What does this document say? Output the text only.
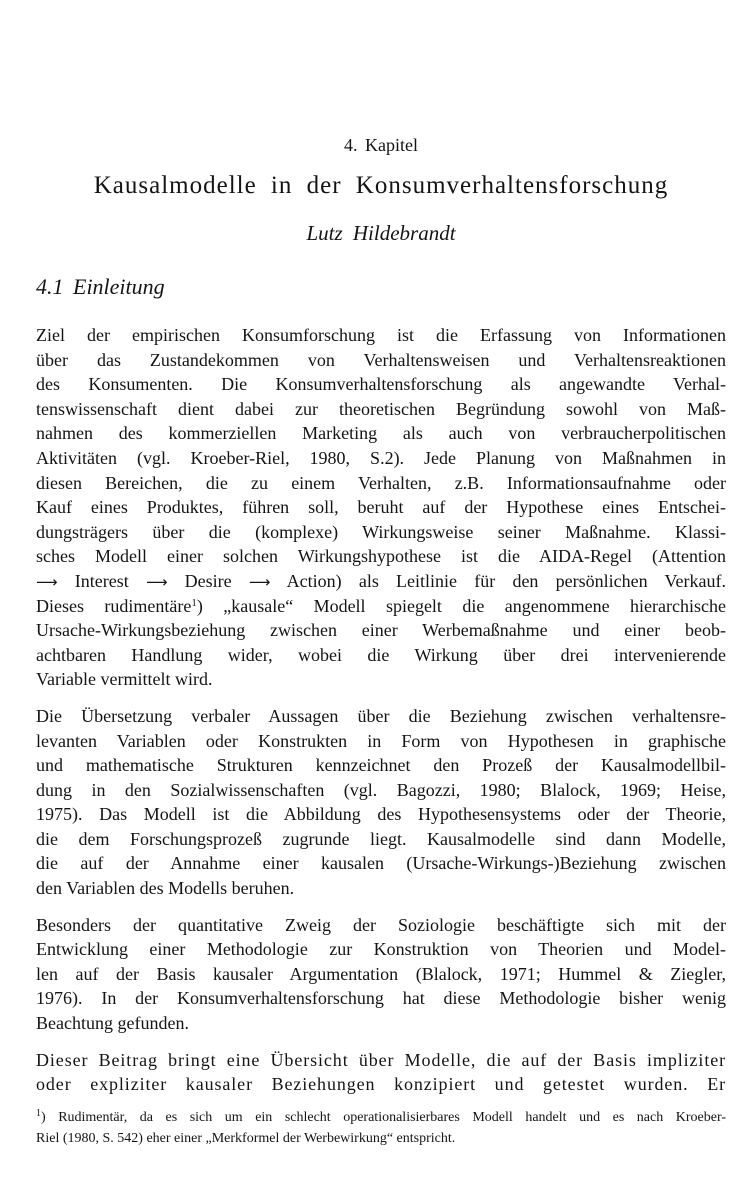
4. Kapitel
Kausalmodelle in der Konsumverhaltensforschung
Lutz Hildebrandt
4.1 Einleitung
Ziel der empirischen Konsumforschung ist die Erfassung von Informationen
über das Zustandekommen von Verhaltensweisen und Verhaltensreaktionen
des Konsumenten. Die Konsumverhaltensforschung als angewandte Verhal-
tenswissenschaft dient dabei zur theoretischen Begründung sowohl von Maß-
nahmen des kommerziellen Marketing als auch von verbraucherpolitischen
Aktivitäten (vgl. Kroeber-Riel, 1980, S.2). Jede Planung von Maßnahmen in
diesen Bereichen, die zu einem Verhalten, z.B. Informationsaufnahme oder
Kauf eines Produktes, führen soll, beruht auf der Hypothese eines Entschei-
dungsträgers über die (komplexe) Wirkungsweise seiner Maßnahme. Klassi-
sches Modell einer solchen Wirkungshypothese ist die AIDA-Regel (Attention
⟶ Interest ⟶ Desire ⟶ Action) als Leitlinie für den persönlichen Verkauf.
Dieses rudimentäre$^1$) „kausale“ Modell spiegelt die angenommene hierarchische
Ursache-Wirkungsbeziehung zwischen einer Werbemaßnahme und einer beob-
achtbaren Handlung wider, wobei die Wirkung über drei intervenierende
Variable vermittelt wird.
Die Übersetzung verbaler Aussagen über die Beziehung zwischen verhaltensre-
levanten Variablen oder Konstrukten in Form von Hypothesen in graphische
und mathematische Strukturen kennzeichnet den Prozeß der Kausalmodellbil-
dung in den Sozialwissenschaften (vgl. Bagozzi, 1980; Blalock, 1969; Heise,
1975). Das Modell ist die Abbildung des Hypothesensystems oder der Theorie,
die dem Forschungsprozeß zugrunde liegt. Kausalmodelle sind dann Modelle,
die auf der Annahme einer kausalen (Ursache-Wirkungs-)Beziehung zwischen
den Variablen des Modells beruhen.
Besonders der quantitative Zweig der Soziologie beschäftigte sich mit der
Entwicklung einer Methodologie zur Konstruktion von Theorien und Model-
len auf der Basis kausaler Argumentation (Blalock, 1971; Hummel & Ziegler,
1976). In der Konsumverhaltensforschung hat diese Methodologie bisher wenig
Beachtung gefunden.
Dieser Beitrag bringt eine Übersicht über Modelle, die auf der Basis impliziter
oder expliziter kausaler Beziehungen konzipiert und getestet wurden. Er
$^1$) Rudimentär, da es sich um ein schlecht operationalisierbares Modell handelt und es nach Kroeber-
Riel (1980, S. 542) eher einer „Merkformel der Werbewirkung“ entspricht.
